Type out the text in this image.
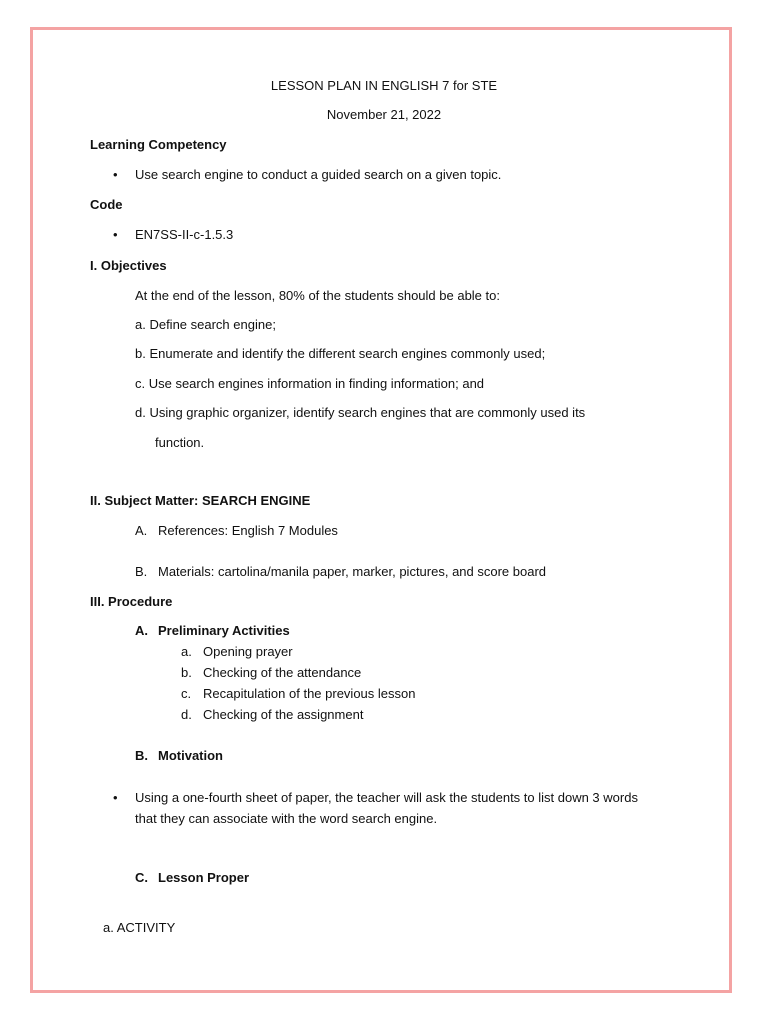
LESSON PLAN IN ENGLISH 7 for STE
November 21, 2022
Learning Competency
• Use search engine to conduct a guided search on a given topic.
Code
• EN7SS-II-c-1.5.3
I. Objectives
At the end of the lesson, 80% of the students should be able to:
a. Define search engine;
b. Enumerate and identify the different search engines commonly used;
c. Use search engines information in finding information; and
d. Using graphic organizer, identify search engines that are commonly used its
function.
II. Subject Matter: SEARCH ENGINE
A. References: English 7 Modules
B. Materials: cartolina/manila paper, marker, pictures, and score board
III. Procedure
A. Preliminary Activities
a. Opening prayer
b. Checking of the attendance
c. Recapitulation of the previous lesson
d. Checking of the assignment
B. Motivation
• Using a one-fourth sheet of paper, the teacher will ask the students to list down 3 words
that they can associate with the word search engine.
C. Lesson Proper
a. ACTIVITY
